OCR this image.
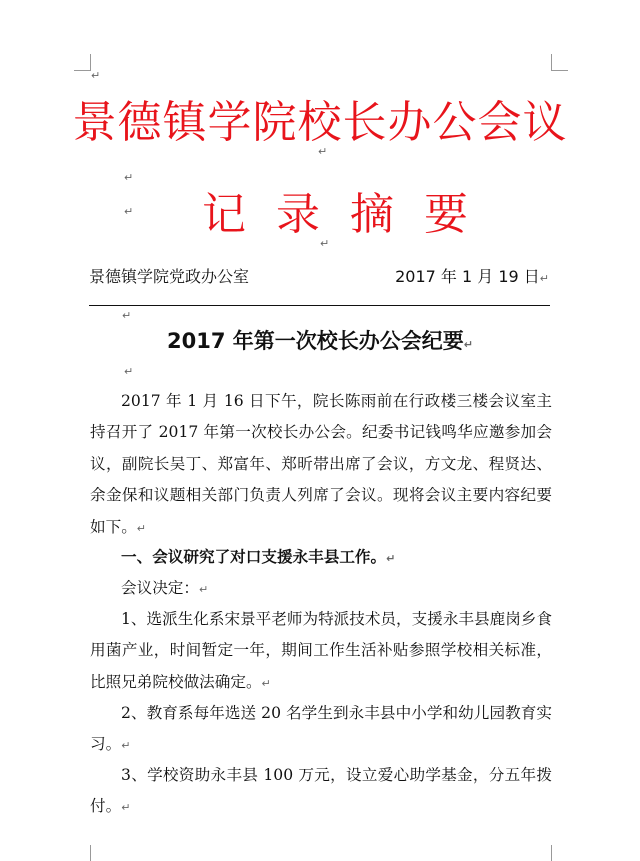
↵
景德镇学院校长办公会议
↵
↵
记录摘要
↵
↵
景德镇学院党政办公室	2017 年 1 月 19 日↵
↵
2017 年第一次校长办公会纪要↵
↵
2017 年 1 月 16 日下午，院长陈雨前在行政楼三楼会议室主持召开了 2017 年第一次校长办公会。纪委书记钱鸣华应邀参加会议，副院长吴丁、郑富年、郑昕帯出席了会议，方文龙、程贤达、余金保和议题相关部门负责人列席了会议。现将会议主要内容纪要如下。↵
一、会议研究了对口支援永丰县工作。↵
会议决定：↵
1、选派生化系宋景平老师为特派技术员，支援永丰县鹿岗乡食用菌产业，时间暂定一年，期间工作生活补贴参照学校相关标准，比照兄弟院校做法确定。↵
2、教育系每年选送 20 名学生到永丰县中小学和幼儿园教育实习。↵
3、学校资助永丰县 100 万元，设立爱心助学基金，分五年拨付。↵
